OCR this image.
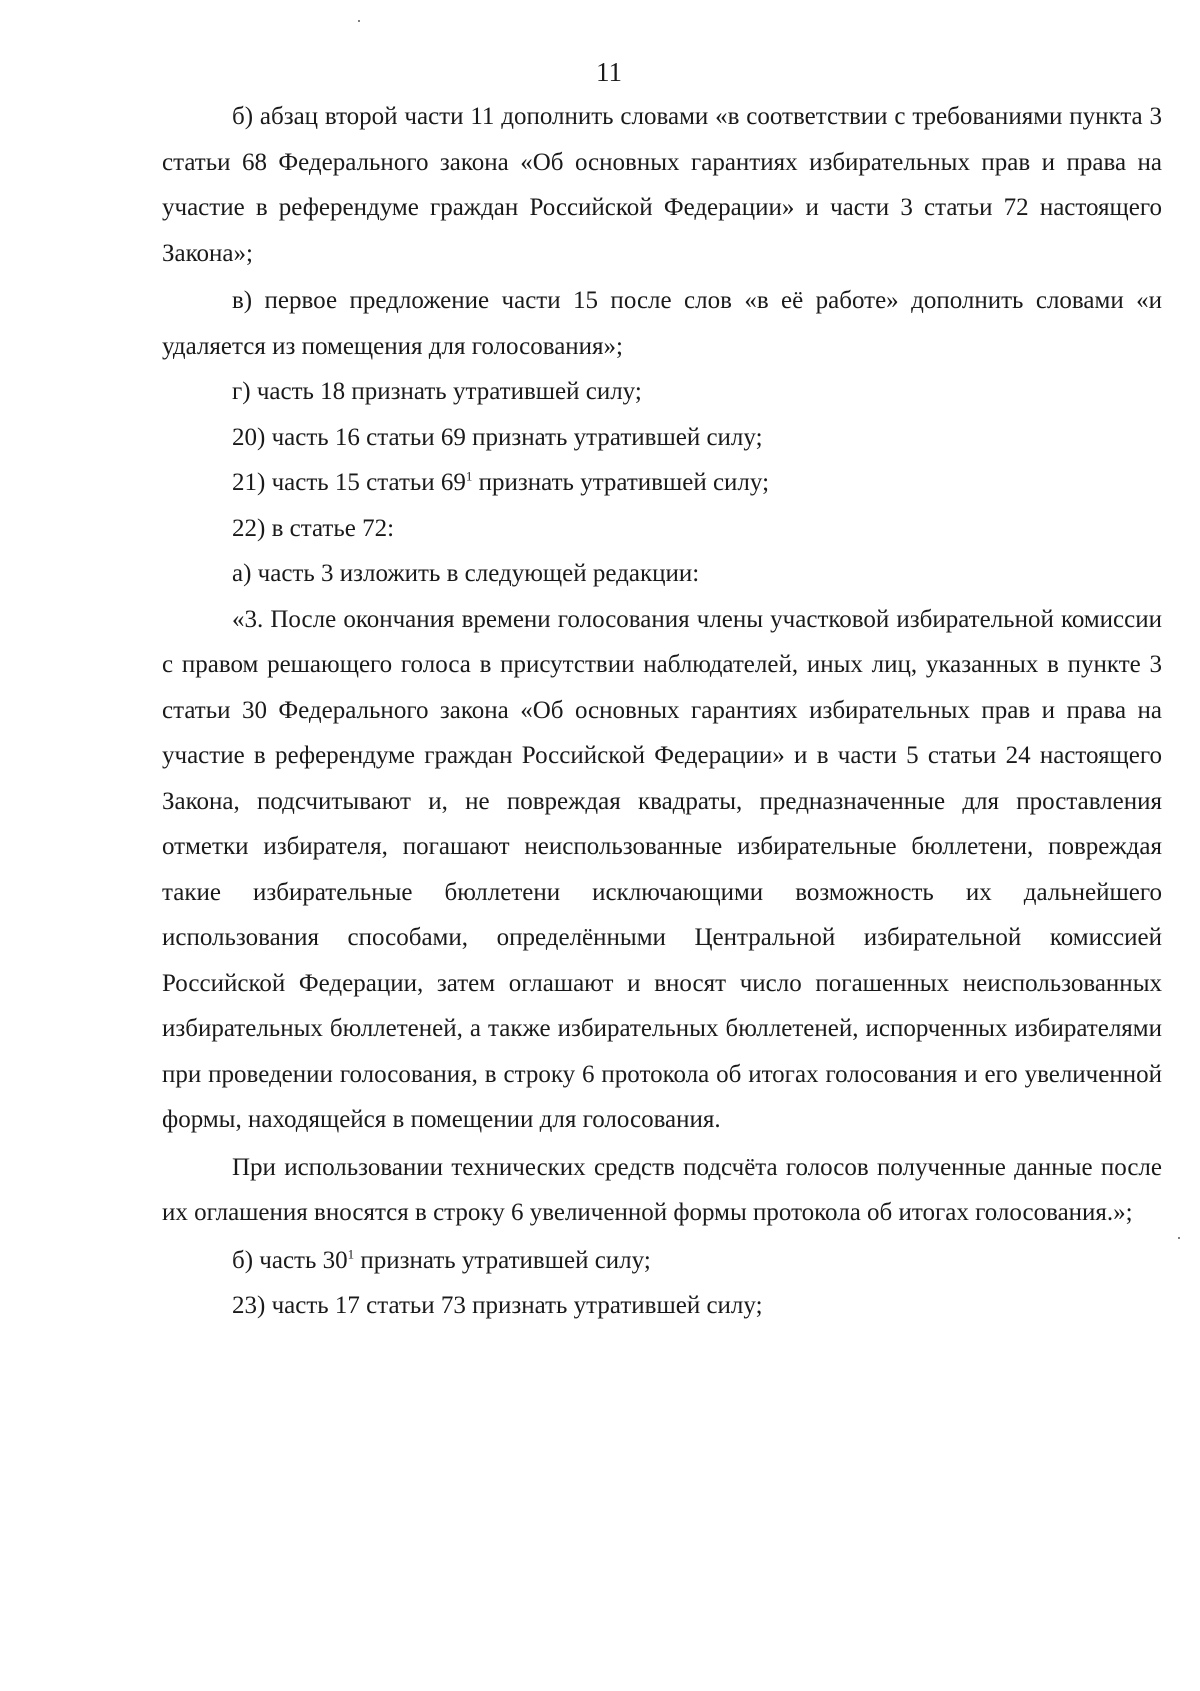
11

б) абзац второй части 11 дополнить словами «в соответствии с требованиями пункта 3 статьи 68 Федерального закона «Об основных гарантиях избирательных прав и права на участие в референдуме граждан Российской Федерации» и части 3 статьи 72 настоящего Закона»;

в) первое предложение части 15 после слов «в её работе» дополнить словами «и удаляется из помещения для голосования»;

г) часть 18 признать утратившей силу;

20) часть 16 статьи 69 признать утратившей силу;

21) часть 15 статьи $69^1$ признать утратившей силу;

22) в статье 72:

а) часть 3 изложить в следующей редакции:

«3. После окончания времени голосования члены участковой избирательной комиссии с правом решающего голоса в присутствии наблюдателей, иных лиц, указанных в пункте 3 статьи 30 Федерального закона «Об основных гарантиях избирательных прав и права на участие в референдуме граждан Российской Федерации» и в части 5 статьи 24 настоящего Закона, подсчитывают и, не повреждая квадраты, предназначенные для проставления отметки избирателя, погашают неиспользованные избирательные бюллетени, повреждая такие избирательные бюллетени исключающими возможность их дальнейшего использования способами, определёнными Центральной избирательной комиссией Российской Федерации, затем оглашают и вносят число погашенных неиспользованных избирательных бюллетеней, а также избирательных бюллетеней, испорченных избирателями при проведении голосования, в строку 6 протокола об итогах голосования и его увеличенной формы, находящейся в помещении для голосования.

При использовании технических средств подсчёта голосов полученные данные после их оглашения вносятся в строку 6 увеличенной формы протокола об итогах голосования.»;

б) часть $30^1$ признать утратившей силу;

23) часть 17 статьи 73 признать утратившей силу;
